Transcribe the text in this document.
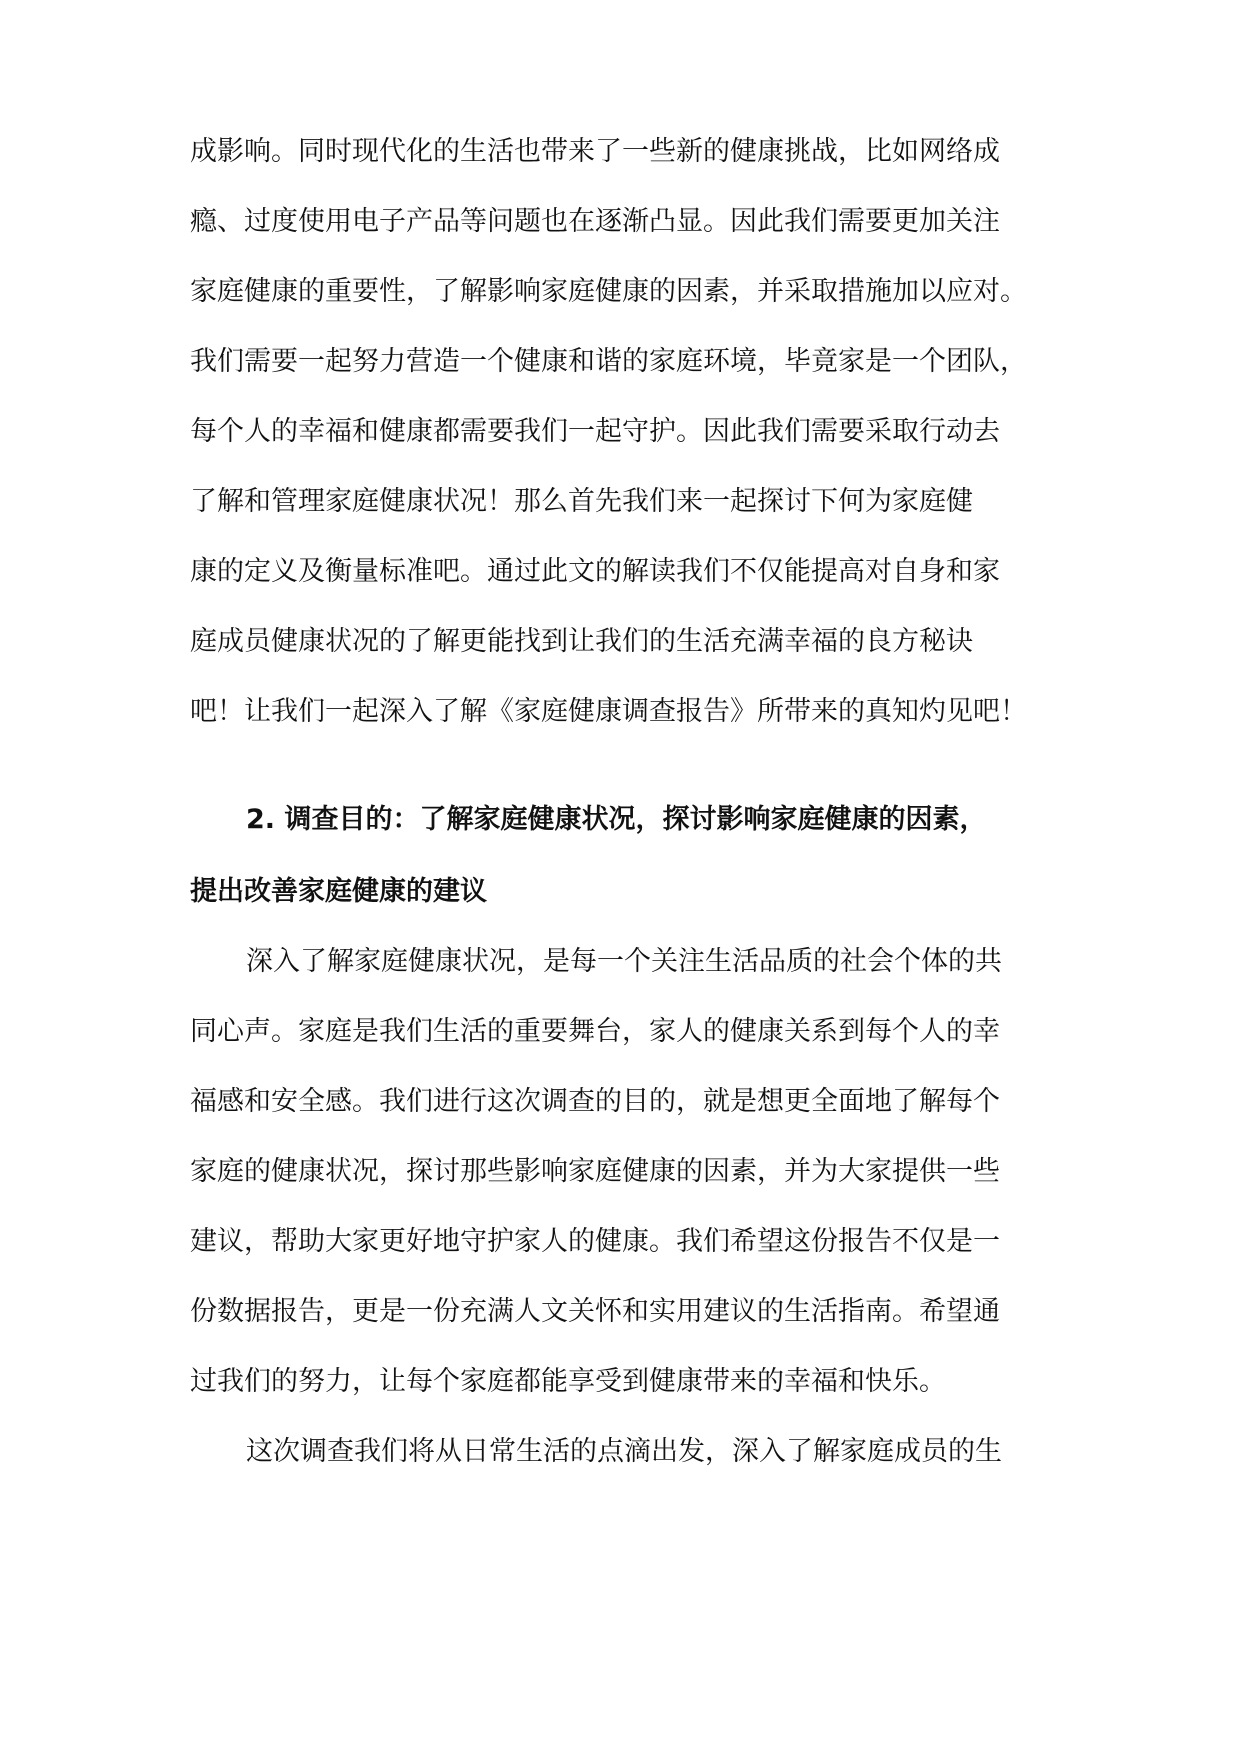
成影响。同时现代化的生活也带来了一些新的健康挑战，比如网络成
瘾、过度使用电子产品等问题也在逐渐凸显。因此我们需要更加关注
家庭健康的重要性，了解影响家庭健康的因素，并采取措施加以应对。
我们需要一起努力营造一个健康和谐的家庭环境，毕竟家是一个团队，
每个人的幸福和健康都需要我们一起守护。因此我们需要采取行动去
了解和管理家庭健康状况！那么首先我们来一起探讨下何为家庭健
康的定义及衡量标准吧。通过此文的解读我们不仅能提高对自身和家
庭成员健康状况的了解更能找到让我们的生活充满幸福的良方秘诀
吧！让我们一起深入了解《家庭健康调查报告》所带来的真知灼见吧！
2. 调查目的：了解家庭健康状况，探讨影响家庭健康的因素，
提出改善家庭健康的建议
深入了解家庭健康状况，是每一个关注生活品质的社会个体的共
同心声。家庭是我们生活的重要舞台，家人的健康关系到每个人的幸
福感和安全感。我们进行这次调查的目的，就是想更全面地了解每个
家庭的健康状况，探讨那些影响家庭健康的因素，并为大家提供一些
建议，帮助大家更好地守护家人的健康。我们希望这份报告不仅是一
份数据报告，更是一份充满人文关怀和实用建议的生活指南。希望通
过我们的努力，让每个家庭都能享受到健康带来的幸福和快乐。
这次调查我们将从日常生活的点滴出发，深入了解家庭成员的生
